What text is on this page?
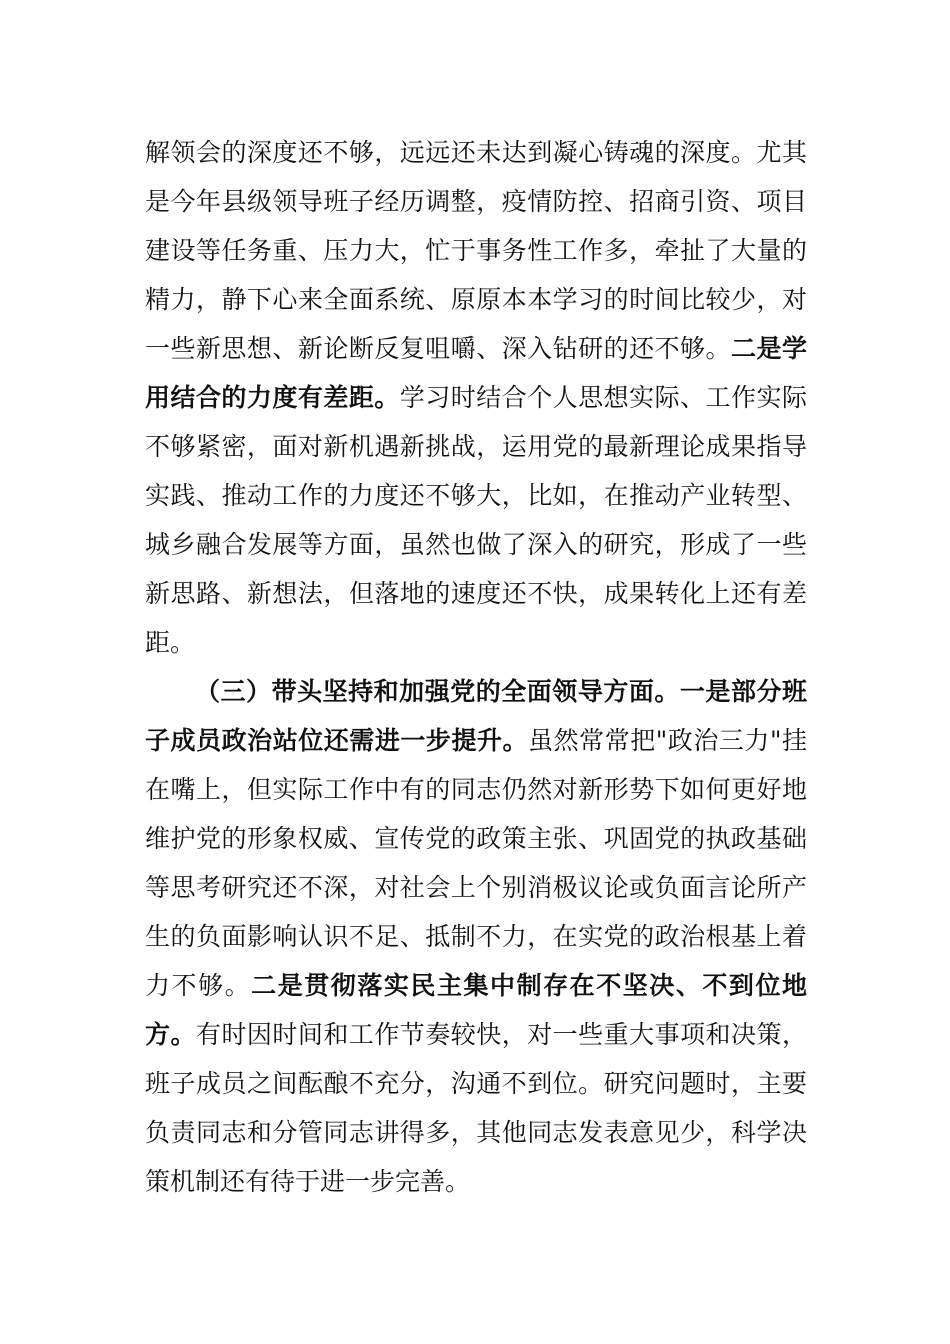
解领会的深度还不够，远远还未达到凝心铸魂的深度。尤其是今年县级领导班子经历调整，疫情防控、招商引资、项目建设等任务重、压力大，忙于事务性工作多，牵扯了大量的精力，静下心来全面系统、原原本本学习的时间比较少，对一些新思想、新论断反复咀嚼、深入钻研的还不够。二是学用结合的力度有差距。学习时结合个人思想实际、工作实际不够紧密，面对新机遇新挑战，运用党的最新理论成果指导实践、推动工作的力度还不够大，比如，在推动产业转型、城乡融合发展等方面，虽然也做了深入的研究，形成了一些新思路、新想法，但落地的速度还不快，成果转化上还有差距。

（三）带头坚持和加强党的全面领导方面。一是部分班子成员政治站位还需进一步提升。虽然常常把"政治三力"挂在嘴上，但实际工作中有的同志仍然对新形势下如何更好地维护党的形象权威、宣传党的政策主张、巩固党的执政基础等思考研究还不深，对社会上个别消极议论或负面言论所产生的负面影响认识不足、抵制不力，在实党的政治根基上着力不够。二是贯彻落实民主集中制存在不坚决、不到位地方。有时因时间和工作节奏较快，对一些重大事项和决策，班子成员之间酝酿不充分，沟通不到位。研究问题时，主要负责同志和分管同志讲得多，其他同志发表意见少，科学决策机制还有待于进一步完善。
